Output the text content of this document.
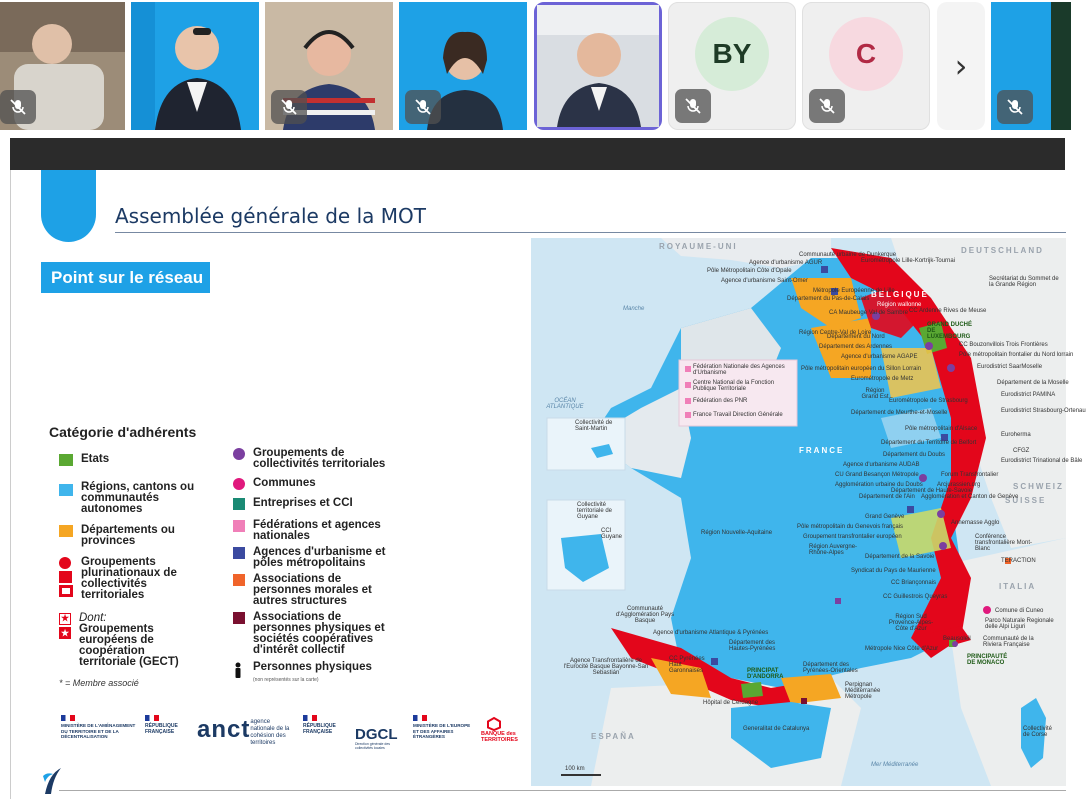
BY	C	›
Assemblée générale de la MOT
Point sur le réseau
Catégorie d'adhérents
Etats
Régions, cantons ou communautés autonomes
Départements ou provinces
Groupements plurinationaux de collectivités territoriales
★
★
Dont:
Groupements européens de coopération territoriale (GECT)
Groupements de collectivités territoriales
Communes
Entreprises et CCI
Fédérations et agences nationales
Agences d'urbanisme et pôles métropolitains
Associations de personnes morales et autres structures
Associations de personnes physiques et sociétés coopératives d'intérêt collectif
Personnes physiques
(non représentés sur la carte)
* = Membre associé
MINISTÈRE DE L'AMÉNAGEMENT DU TERRITOIRE ET DE LA DÉCENTRALISATION
RÉPUBLIQUE FRANÇAISE anct agence nationale de la cohésion des territoires
RÉPUBLIQUE FRANÇAISE	DGCL
Direction générale des collectivités locales
MINISTÈRE DE L'EUROPE ET DES AFFAIRES ÉTRANGÈRES	BANQUE des TERRITOIRES
ROYAUME-UNI	DEUTSCHLAND
BELGIQUE
FRANCE
SCHWEIZ
SUISSE
ITALIA
ESPAÑA
Manche
OCÉAN ATLANTIQUE
Mer Méditerranée
Région Nouvelle-Aquitaine
Région Auvergne-Rhône-Alpes
Région Sud Provence-Alpes-Côte d'Azur
Generalitat de Catalunya	Collectivité de Corse
Région Grand Est
Région wallonne
GRAND DUCHÉ DE LUXEMBOURG
PRINCIPAT D'ANDORRA
PRINCIPAUTÉ DE MONACO
Communauté urbaine de Dunkerque
Agence d'urbanisme AGUR
Pôle Métropolitain Côte d'Opale
Agence d'urbanisme Saint-Omer
Métropole Européenne de Lille
Département du Pas-de-Calais
Eurométropole Lille-Kortrijk-Tournai
Secrétariat du Sommet de la Grande Région
CA Maubeuge Val de Sambre
Département du Nord
CC Ardenne Rives de Meuse
Département des Ardennes
Agence d'urbanisme AGAPE
CC Bouzonvillois Trois Frontières
Pôle métropolitain frontalier du Nord lorrain
Eurodistrict SaarMoselle
Pôle métropolitain européen du Sillon Lorrain
Eurométropole de Metz
Département de la Moselle
Eurodistrict PAMINA
Eurométropole de Strasbourg
Eurodistrict Strasbourg-Ortenau
Département de Meurthe-et-Moselle
Pôle métropolitain d'Alsace
Euroherma
Département du Territoire de Belfort
Département du Doubs
Agence d'urbanisme AUDAB
CU Grand Besançon Métropole
Agglomération urbaine du Doubs
Forum Transfrontalier
Arcjurassien.org
Eurodistrict Trinational de Bâle
CFGZ
Département de Haute-Savoie
Département de l'Ain Agglomération et Canton de Genève
Grand Genève
Pôle métropolitain du Genevois français
Groupement transfrontalier européen
Annemasse Agglo
Conférence transfrontalière Mont-Blanc
TERACTION
Département de la Savoie
Syndicat du Pays de Maurienne
CC Briançonnais
CC Guillestrois Queyras
Comune di Cuneo
Parco Naturale Regionale delle Alpi Liguri
Communauté de la Riviera Française
Métropole Nice Côte d'Azur
Beausoleil
Département des Hautes-Pyrénées
Département des Pyrénées-Orientales
Perpignan Méditerranée Métropole
CC Pyrénées Haut Garonnaises
Communauté d'Agglomération Pays Basque
Agence d'urbanisme Atlantique & Pyrénées
Agence Transfrontalière de l'Eurocité Basque Bayonne-San Sebastián
Hôpital de Cerdagne
Région Centre-Val de Loire
Fédération Nationale des Agences d'Urbanisme
Centre National de la Fonction Publique Territoriale
Fédération des PNR
France Travail Direction Générale
Collectivité de Saint-Martin
Collectivité territoriale de Guyane
CCI Guyane
100 km
